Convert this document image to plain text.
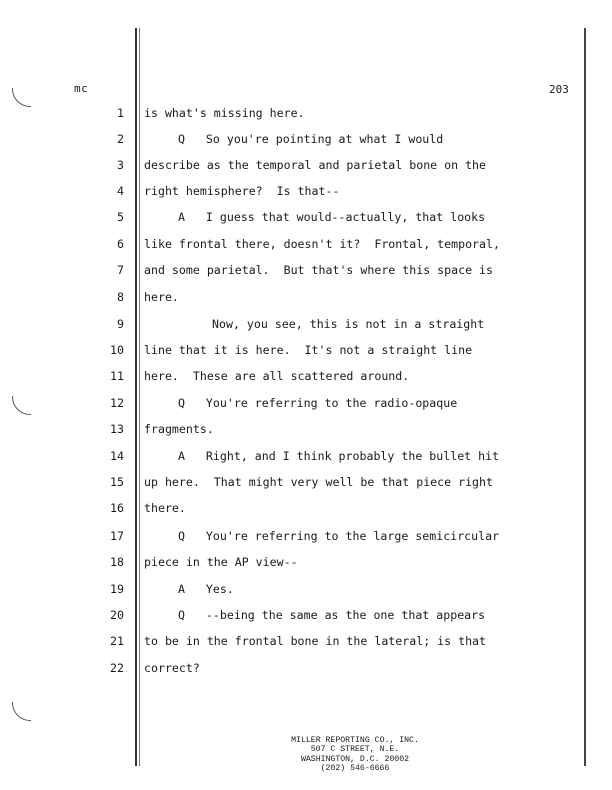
mc	203
1 is what's missing here.
2	Q   So you're pointing at what I would
3 describe as the temporal and parietal bone on the
4 right hemisphere?  Is that--
5	A   I guess that would--actually, that looks
6 like frontal there, doesn't it?  Frontal, temporal,
7 and some parietal.  But that's where this space is
8 here.
9	Now, you see, this is not in a straight
10 line that it is here.  It's not a straight line
11 here.  These are all scattered around.
12	Q   You're referring to the radio-opaque
13 fragments.
14	A   Right, and I think probably the bullet hit
15 up here.  That might very well be that piece right
16 there.
17	Q   You're referring to the large semicircular
18 piece in the AP view--
19	A   Yes.
20	Q   --being the same as the one that appears
21 to be in the frontal bone in the lateral; is that
22 correct?
MILLER REPORTING CO., INC.
507 C STREET, N.E.
WASHINGTON, D.C. 20002
(202) 546-6666
